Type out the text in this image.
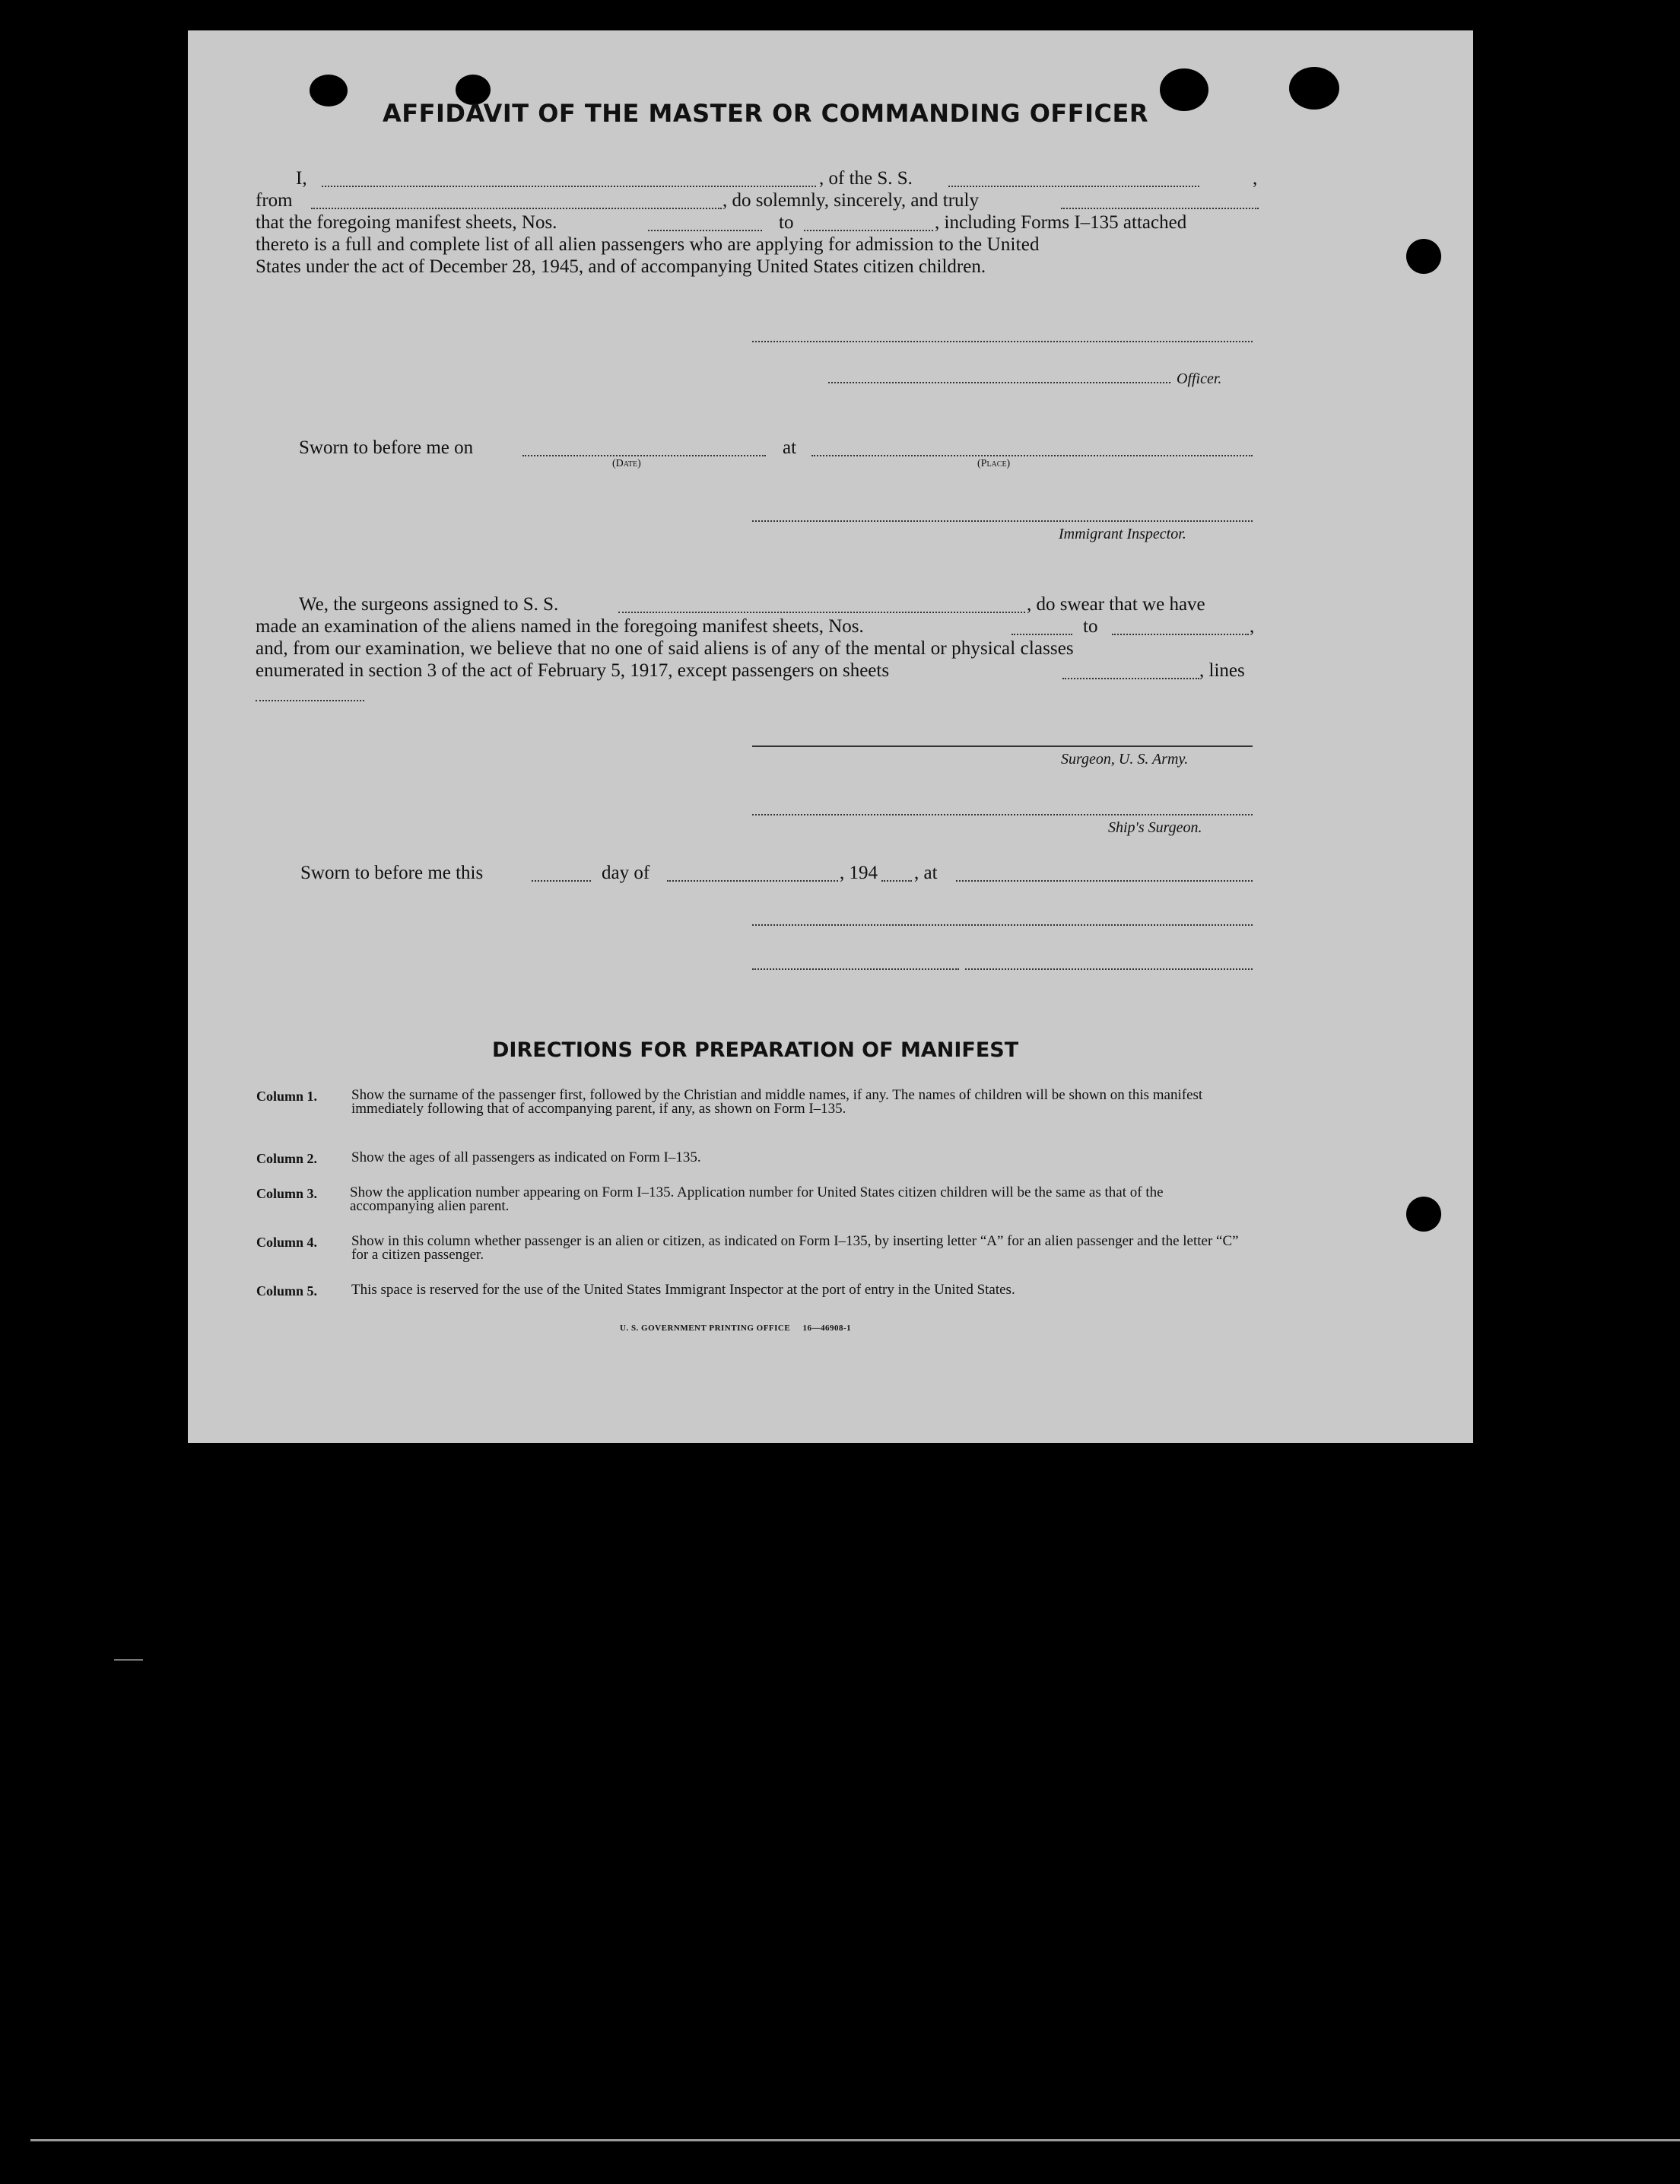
AFFIDAVIT OF THE MASTER OR COMMANDING OFFICER
I,	, of the S. S.	,
from	, do solemnly, sincerely, and truly
that the foregoing manifest sheets, Nos.	to	, including Forms I–135 attached
thereto is a full and complete list of all alien passengers who are applying for admission to the United
States under the act of December 28, 1945, and of accompanying United States citizen children.
Officer.
Sworn to before me on	at
(Date)	(Place)
Immigrant Inspector.
We, the surgeons assigned to S. S.	, do swear that we have
made an examination of the aliens named in the foregoing manifest sheets, Nos.	to	,
and, from our examination, we believe that no one of said aliens is of any of the mental or physical classes
enumerated in section 3 of the act of February 5, 1917, except passengers on sheets	, lines
Surgeon, U. S. Army.
Ship's Surgeon.
Sworn to before me this	day of	, 194 , at
DIRECTIONS FOR PREPARATION OF MANIFEST
Column 1. Show the surname of the passenger first, followed by the Christian and middle names, if any. The names of children will be shown on this manifest immediately following that of accompanying parent, if any, as shown on Form I–135.
Column 2. Show the ages of all passengers as indicated on Form I–135.
Column 3. Show the application number appearing on Form I–135. Application number for United States citizen children will be the same as that of the accompanying alien parent.
Column 4. Show in this column whether passenger is an alien or citizen, as indicated on Form I–135, by inserting letter “A” for an alien passenger and the letter “C” for a citizen passenger.
Column 5. This space is reserved for the use of the United States Immigrant Inspector at the port of entry in the United States.
U. S. GOVERNMENT PRINTING OFFICE     16—46908-1
